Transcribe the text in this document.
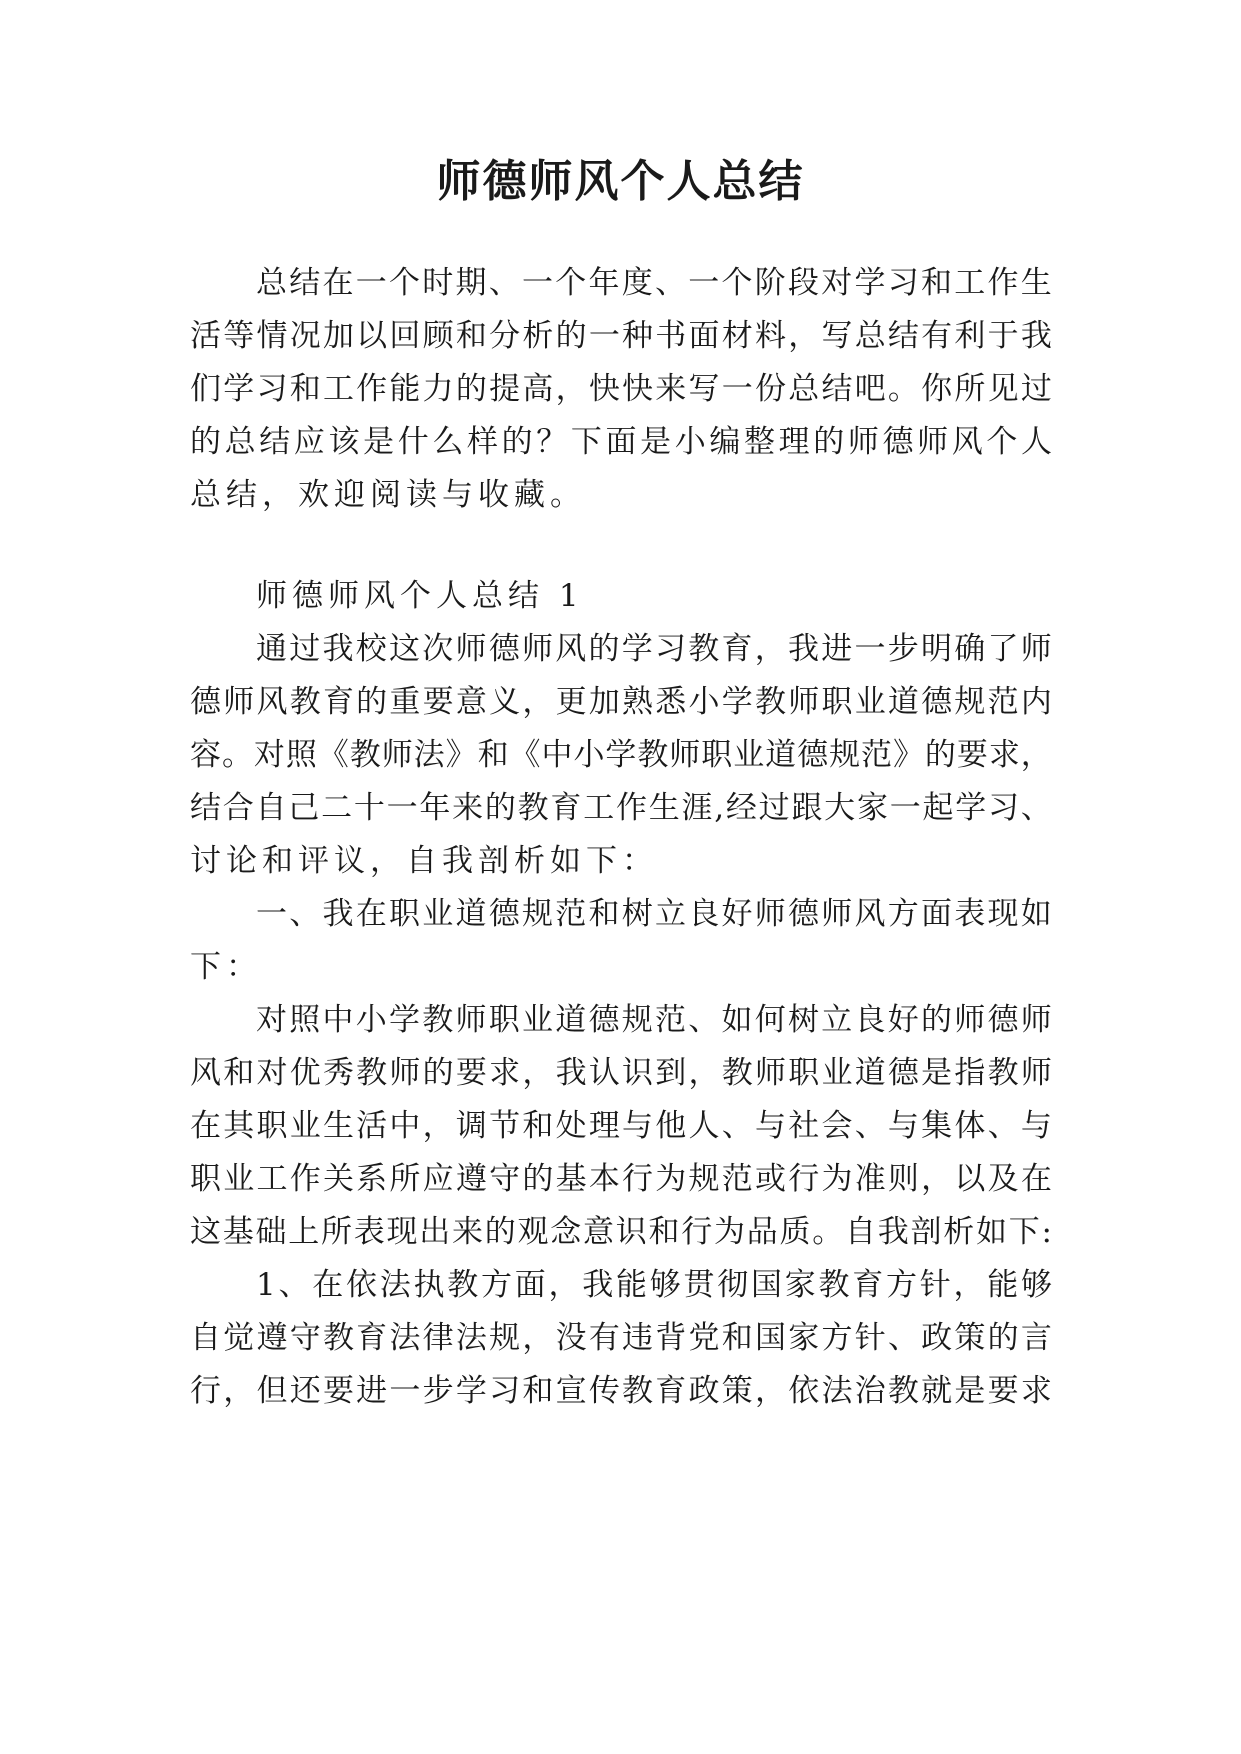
师德师风个人总结
总 结 在 一 个 时 期 、 一 个 年 度 、 一 个 阶 段 对 学 习 和 工 作 生
活 等 情 况 加 以 回 顾 和 分 析 的 一 种 书 面 材 料 ， 写 总 结 有 利 于 我
们 学 习 和 工 作 能 力 的 提 高 ， 快 快 来 写 一 份 总 结 吧 。 你 所 见 过
的 总 结 应 该 是 什 么 样 的 ？ 下 面 是 小 编 整 理 的 师 德 师 风 个 人
总结，欢迎阅读与收藏。
师德师风个人总结 1
通 过 我 校 这 次 师 德 师 风 的 学 习 教 育 ， 我 进 一 步 明 确 了 师
德 师 风 教 育 的 重 要 意 义 ， 更 加 熟 悉 小 学 教 师 职 业 道 德 规 范 内
容 。 对 照 《 教 师 法 》 和 《 中 小 学 教 师 职 业 道 德 规 范 》 的 要 求 ，
结 合 自 己 二 十 一 年 来 的 教 育 工 作 生 涯 , 经 过 跟 大 家 一 起 学 习 、
讨论和评议，自我剖析如下：
一 、 我 在 职 业 道 德 规 范 和 树 立 良 好 师 德 师 风 方 面 表 现 如
下：
对 照 中 小 学 教 师 职 业 道 德 规 范 、 如 何 树 立 良 好 的 师 德 师
风 和 对 优 秀 教 师 的 要 求 ， 我 认 识 到 ， 教 师 职 业 道 德 是 指 教 师
在 其 职 业 生 活 中 ， 调 节 和 处 理 与 他 人 、 与 社 会 、 与 集 体 、 与
职 业 工 作 关 系 所 应 遵 守 的 基 本 行 为 规 范 或 行 为 准 则 ， 以 及 在
这 基 础 上 所 表 现 出 来 的 观 念 意 识 和 行 为 品 质 。 自 我 剖 析 如 下 :
1 、 在 依 法 执 教 方 面 ， 我 能 够 贯 彻 国 家 教 育 方 针 ， 能 够
自 觉 遵 守 教 育 法 律 法 规 ， 没 有 违 背 党 和 国 家 方 针 、 政 策 的 言
行 ， 但 还 要 进 一 步 学 习 和 宣 传 教 育 政 策 ， 依 法 治 教 就 是 要 求
